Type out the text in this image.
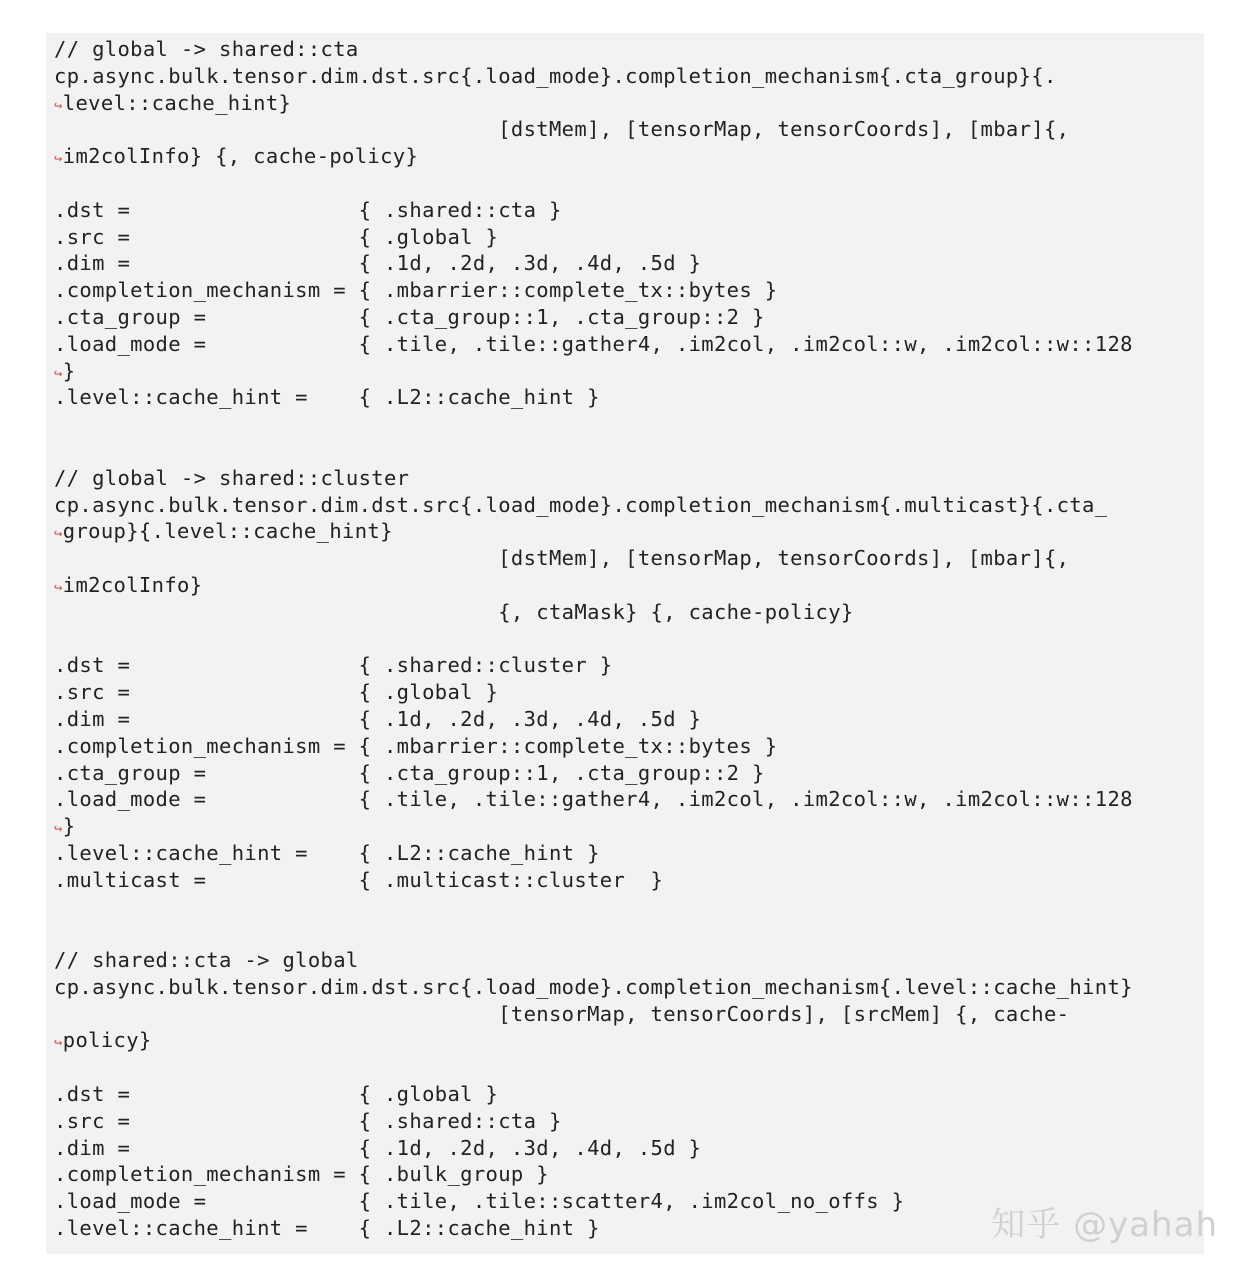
// global -> shared::cta
cp.async.bulk.tensor.dim.dst.src{.load_mode}.completion_mechanism{.cta_group}{.
↪level::cache_hint}
[dstMem], [tensorMap, tensorCoords], [mbar]{,
↪im2colInfo} {, cache-policy}
.dst =                  { .shared::cta }
.src =                  { .global }
.dim =                  { .1d, .2d, .3d, .4d, .5d }
.completion_mechanism = { .mbarrier::complete_tx::bytes }
.cta_group =            { .cta_group::1, .cta_group::2 }
.load_mode =            { .tile, .tile::gather4, .im2col, .im2col::w, .im2col::w::128
↪}
.level::cache_hint =    { .L2::cache_hint }
// global -> shared::cluster
cp.async.bulk.tensor.dim.dst.src{.load_mode}.completion_mechanism{.multicast}{.cta_
↪group}{.level::cache_hint}
[dstMem], [tensorMap, tensorCoords], [mbar]{,
↪im2colInfo}
{, ctaMask} {, cache-policy}
.dst =                  { .shared::cluster }
.src =                  { .global }
.dim =                  { .1d, .2d, .3d, .4d, .5d }
.completion_mechanism = { .mbarrier::complete_tx::bytes }
.cta_group =            { .cta_group::1, .cta_group::2 }
.load_mode =            { .tile, .tile::gather4, .im2col, .im2col::w, .im2col::w::128
↪}
.level::cache_hint =    { .L2::cache_hint }
.multicast =            { .multicast::cluster  }
// shared::cta -> global
cp.async.bulk.tensor.dim.dst.src{.load_mode}.completion_mechanism{.level::cache_hint}
[tensorMap, tensorCoords], [srcMem] {, cache-
↪policy}
.dst =                  { .global }
.src =                  { .shared::cta }
.dim =                  { .1d, .2d, .3d, .4d, .5d }
.completion_mechanism = { .bulk_group }
.load_mode =            { .tile, .tile::scatter4, .im2col_no_offs }
.level::cache_hint =    { .L2::cache_hint }	知乎 @yahah
